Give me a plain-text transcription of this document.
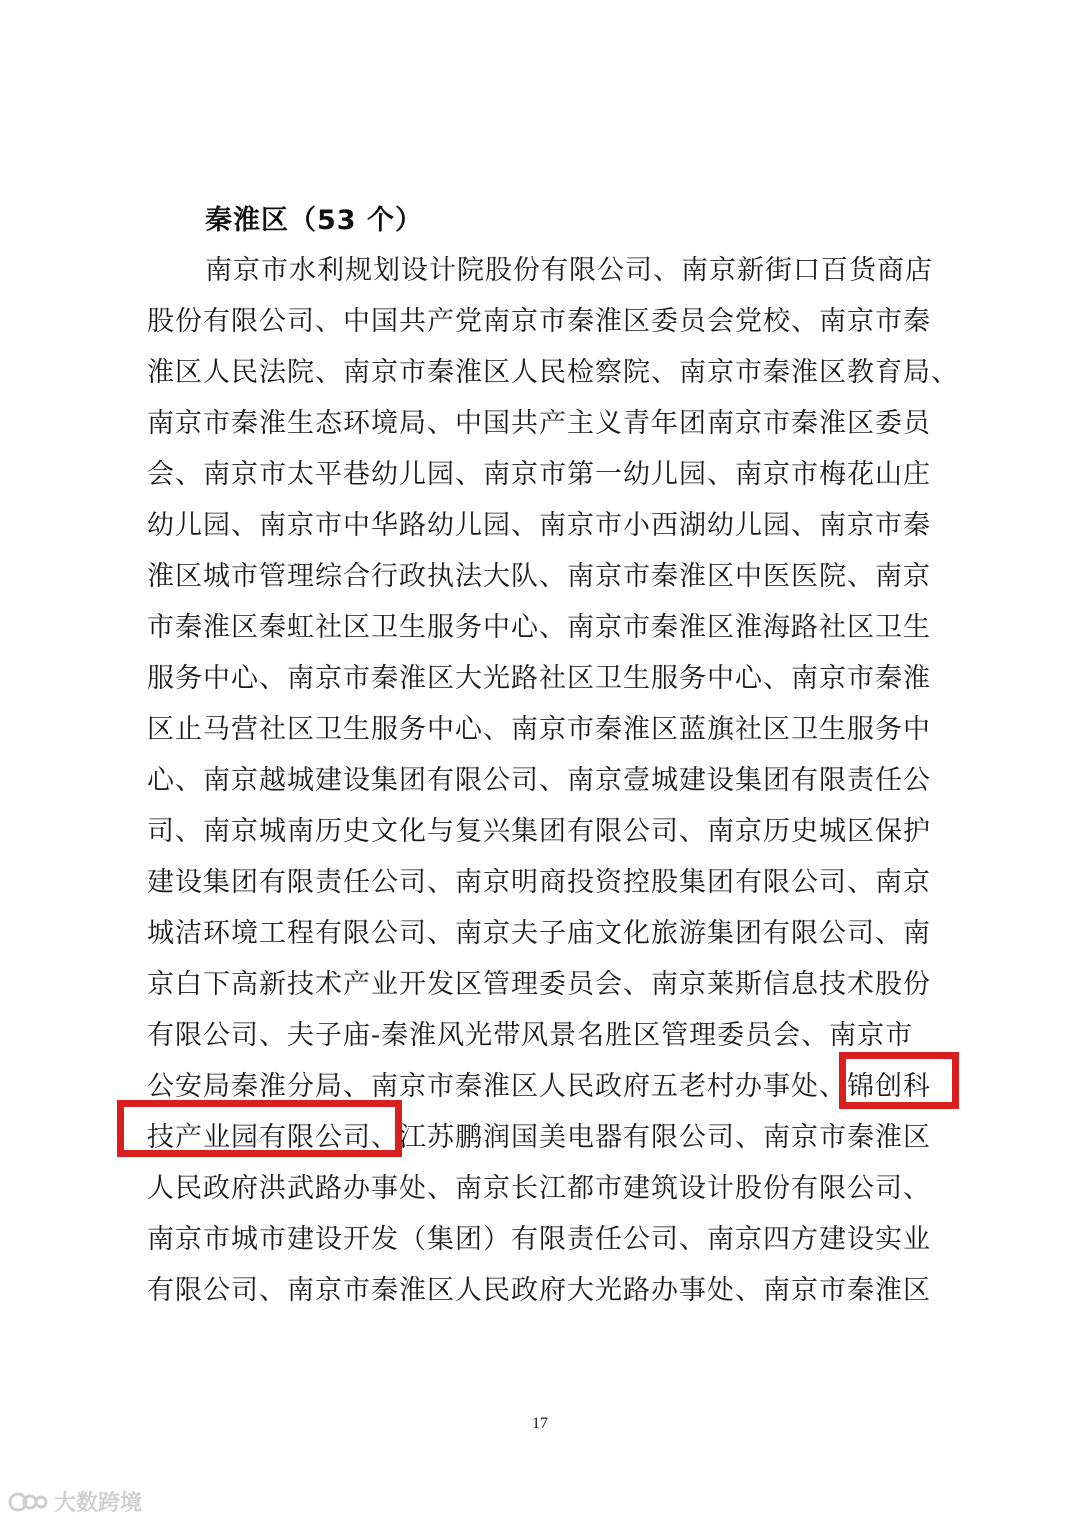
秦淮区（53 个）
南京市水利规划设计院股份有限公司、南京新街口百货商店
股份有限公司、中国共产党南京市秦淮区委员会党校、南京市秦
淮区人民法院、南京市秦淮区人民检察院、南京市秦淮区教育局、
南京市秦淮生态环境局、中国共产主义青年团南京市秦淮区委员
会、南京市太平巷幼儿园、南京市第一幼儿园、南京市梅花山庄
幼儿园、南京市中华路幼儿园、南京市小西湖幼儿园、南京市秦
淮区城市管理综合行政执法大队、南京市秦淮区中医医院、南京
市秦淮区秦虹社区卫生服务中心、南京市秦淮区淮海路社区卫生
服务中心、南京市秦淮区大光路社区卫生服务中心、南京市秦淮
区止马营社区卫生服务中心、南京市秦淮区蓝旗社区卫生服务中
心、南京越城建设集团有限公司、南京壹城建设集团有限责任公
司、南京城南历史文化与复兴集团有限公司、南京历史城区保护
建设集团有限责任公司、南京明商投资控股集团有限公司、南京
城洁环境工程有限公司、南京夫子庙文化旅游集团有限公司、南
京白下高新技术产业开发区管理委员会、南京莱斯信息技术股份
有限公司、夫子庙-秦淮风光带风景名胜区管理委员会、南京市
公安局秦淮分局、南京市秦淮区人民政府五老村办事处、锦创科
技产业园有限公司、江苏鹏润国美电器有限公司、南京市秦淮区
人民政府洪武路办事处、南京长江都市建筑设计股份有限公司、
南京市城市建设开发（集团）有限责任公司、南京四方建设实业
有限公司、南京市秦淮区人民政府大光路办事处、南京市秦淮区
17
大数跨境
